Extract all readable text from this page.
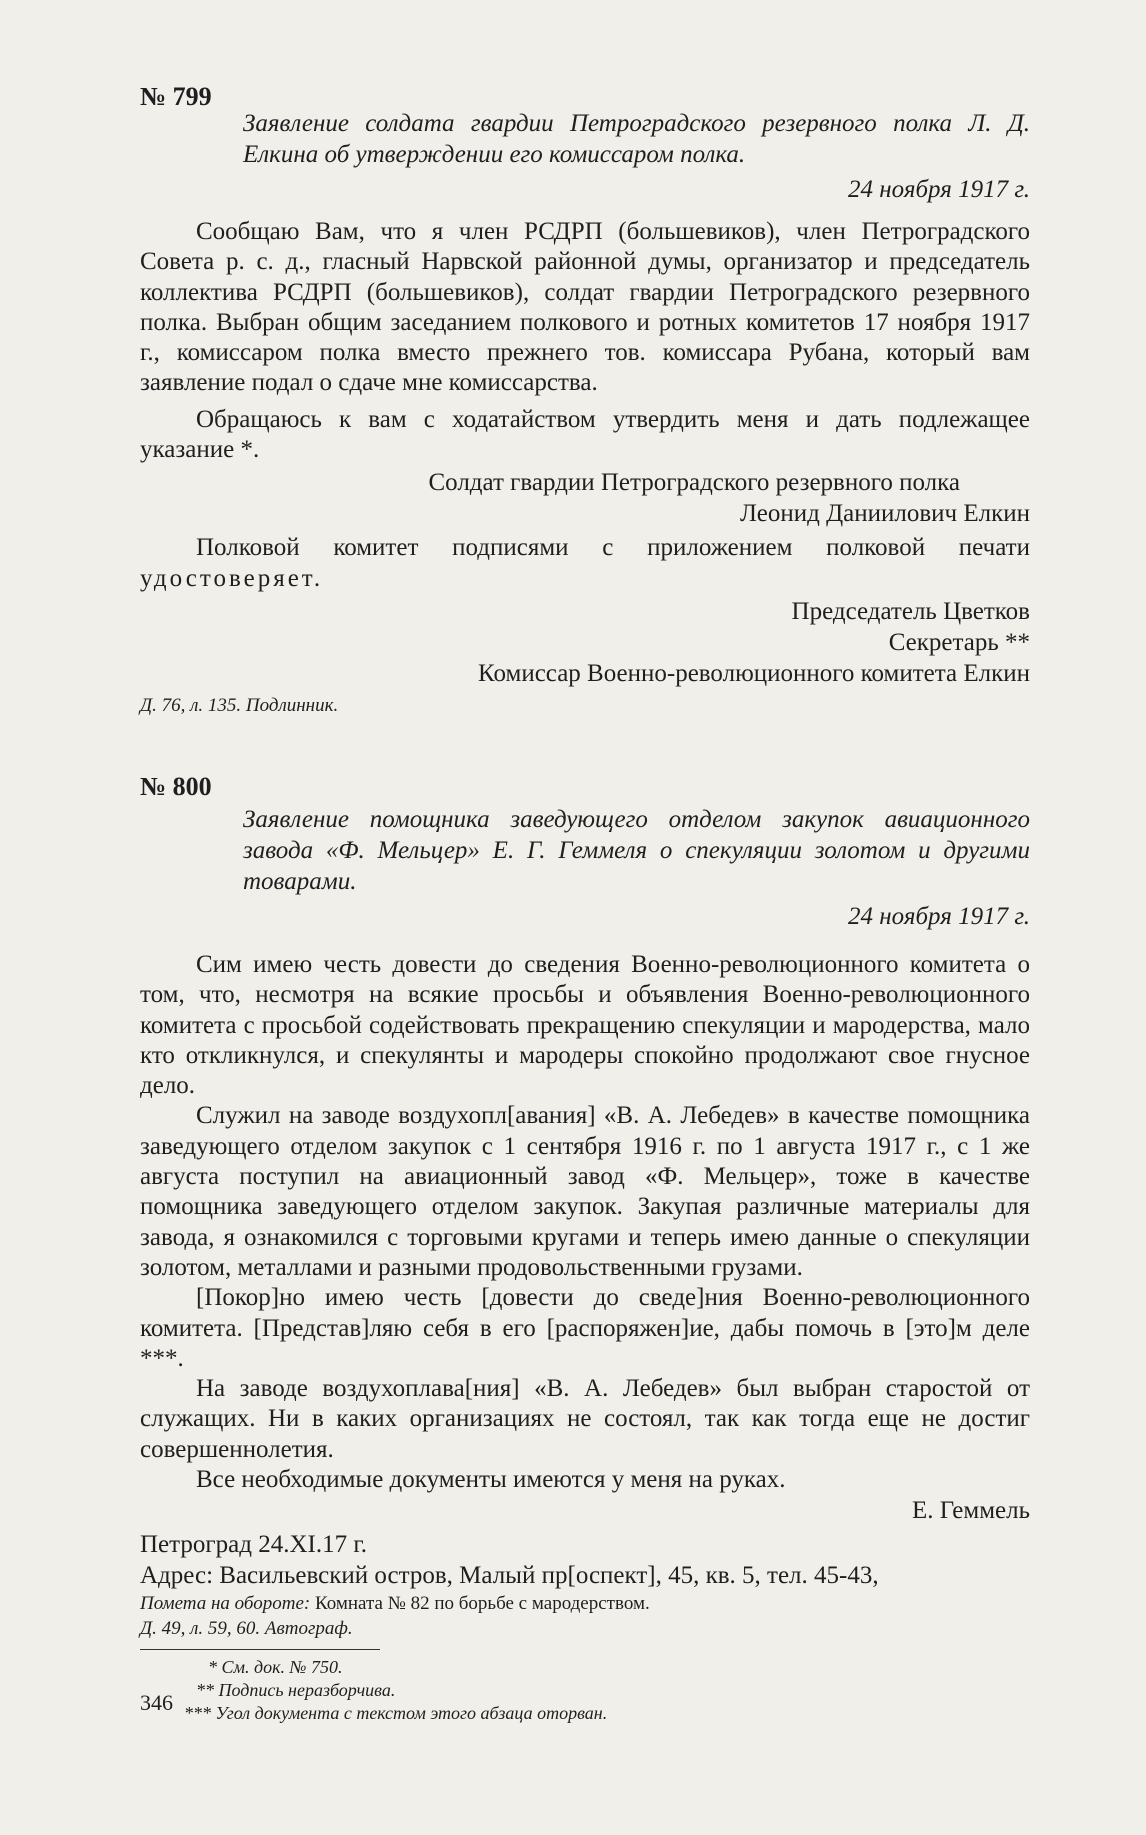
№ 799

Заявление солдата гвардии Петроградского резервного полка Л. Д. Елкина об утверждении его комиссаром полка.

24 ноября 1917 г.

Сообщаю Вам, что я член РСДРП (большевиков), член Петроградского Совета р. с. д., гласный Нарвской районной думы, организатор и председатель коллектива РСДРП (большевиков), солдат гвардии Петроградского резервного полка. Выбран общим заседанием полкового и ротных комитетов 17 ноября 1917 г., комиссаром полка вместо прежнего тов. комиссара Рубана, который вам заявление подал о сдаче мне комиссарства.

Обращаюсь к вам с ходатайством утвердить меня и дать подлежащее указание *.

Солдат гвардии Петроградского резервного полка

Леонид Даниилович Елкин

Полковой комитет подписями с приложением полковой печати удостоверяет.

Председатель Цветков

Секретарь **

Комиссар Военно-революционного комитета Елкин

Д. 76, л. 135. Подлинник.

№ 800

Заявление помощника заведующего отделом закупок авиационного завода «Ф. Мельцер» Е. Г. Геммеля о спекуляции золотом и другими товарами.

24 ноября 1917 г.

Сим имею честь довести до сведения Военно-революционного комитета о том, что, несмотря на всякие просьбы и объявления Военно-революционного комитета с просьбой содействовать прекращению спекуляции и мародерства, мало кто откликнулся, и спекулянты и мародеры спокойно продолжают свое гнусное дело.

Служил на заводе воздухопл[авания] «В. А. Лебедев» в качестве помощника заведующего отделом закупок с 1 сентября 1916 г. по 1 августа 1917 г., с 1 же августа поступил на авиационный завод «Ф. Мельцер», тоже в качестве помощника заведующего отделом закупок. Закупая различные материалы для завода, я ознакомился с торговыми кругами и теперь имею данные о спекуляции золотом, металлами и разными продовольственными грузами.

[Покор]но имею честь [довести до сведе]ния Военно-революционного комитета. [Представ]ляю себя в его [распоряжен]ие, дабы помочь в [это]м деле ***.

На заводе воздухоплава[ния] «В. А. Лебедев» был выбран старостой от служащих. Ни в каких организациях не состоял, так как тогда еще не достиг совершеннолетия.

Все необходимые документы имеются у меня на руках.

Е. Геммель

Петроград 24.XI.17 г.

Адрес: Васильевский остров, Малый пр[оспект], 45, кв. 5, тел. 45-43,

Помета на обороте: Комната № 82 по борьбе с мародерством.

Д. 49, л. 59, 60. Автограф.

* См. док. № 750.

** Подпись неразборчива.

*** Угол документа с текстом этого абзаца оторван.

346
